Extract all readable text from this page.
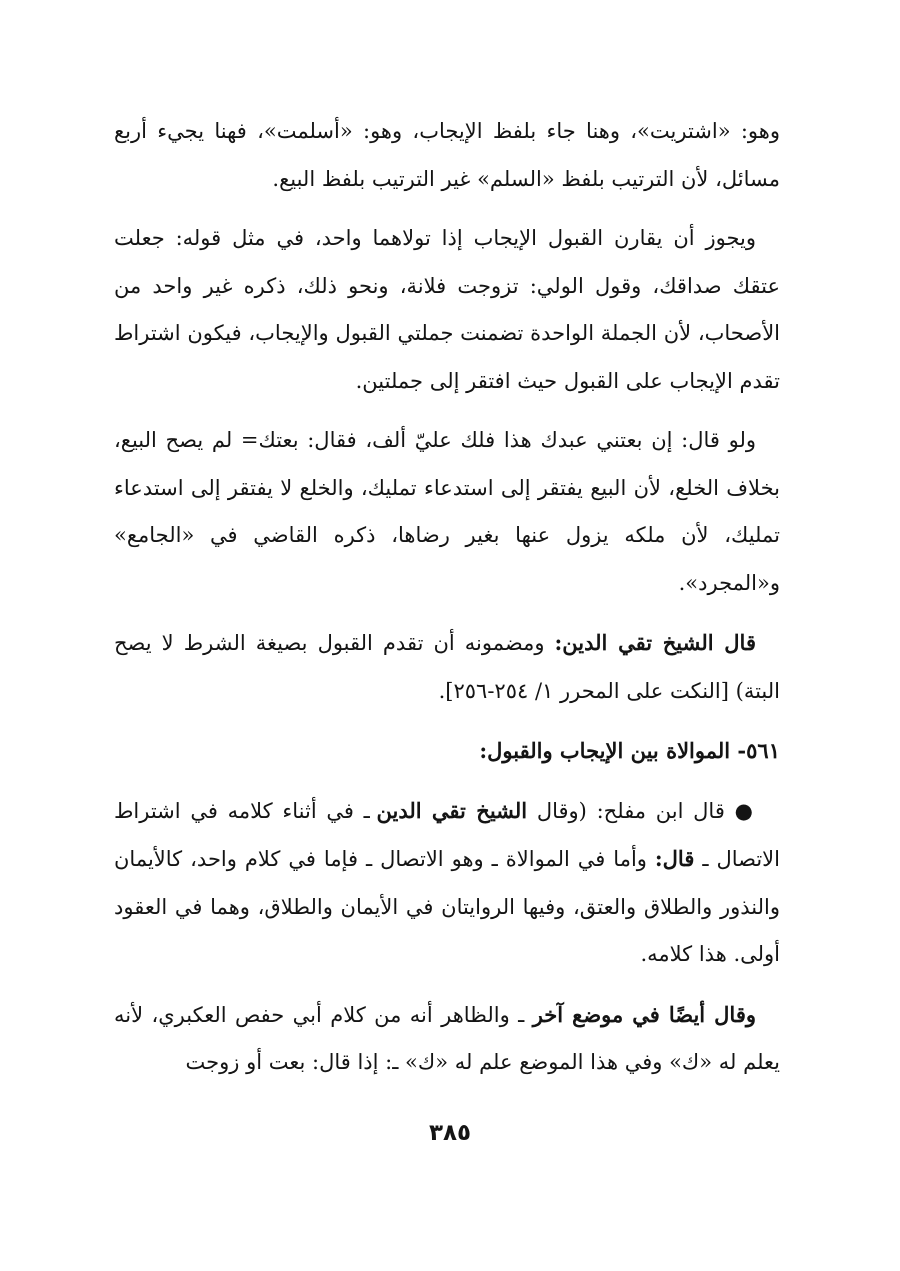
وهو: «اشتريت»، وهنا جاء بلفظ الإيجاب، وهو: «أسلمت»، فهنا يجيء أربع مسائل، لأن الترتيب بلفظ «السلم» غير الترتيب بلفظ البيع.

ويجوز أن يقارن القبول الإيجاب إذا تولاهما واحد، في مثل قوله: جعلت عتقك صداقك، وقول الولي: تزوجت فلانة، ونحو ذلك، ذكره غير واحد من الأصحاب، لأن الجملة الواحدة تضمنت جملتي القبول والإيجاب، فيكون اشتراط تقدم الإيجاب على القبول حيث افتقر إلى جملتين.

ولو قال: إن بعتني عبدك هذا فلك عليّ ألف، فقال: بعتك= لم يصح البيع، بخلاف الخلع، لأن البيع يفتقر إلى استدعاء تمليك، والخلع لا يفتقر إلى استدعاء تمليك، لأن ملكه يزول عنها بغير رضاها، ذكره القاضي في «الجامع» و«المجرد».

قال الشيخ تقي الدين: ومضمونه أن تقدم القبول بصيغة الشرط لا يصح البتة) [النكت على المحرر ١/ ٢٥٤-٢٥٦].

٥٦١- الموالاة بين الإيجاب والقبول:

● قال ابن مفلح: (وقال الشيخ تقي الدين ـ في أثناء كلامه في اشتراط الاتصال ـ قال: وأما في الموالاة ـ وهو الاتصال ـ فإما في كلام واحد، كالأيمان والنذور والطلاق والعتق، وفيها الروايتان في الأيمان والطلاق، وهما في العقود أولى. هذا كلامه.

وقال أيضًا في موضع آخر ـ والظاهر أنه من كلام أبي حفص العكبري، لأنه يعلم له «ك» وفي هذا الموضع علم له «ك» ـ: إذا قال: بعت أو زوجت

٣٨٥
